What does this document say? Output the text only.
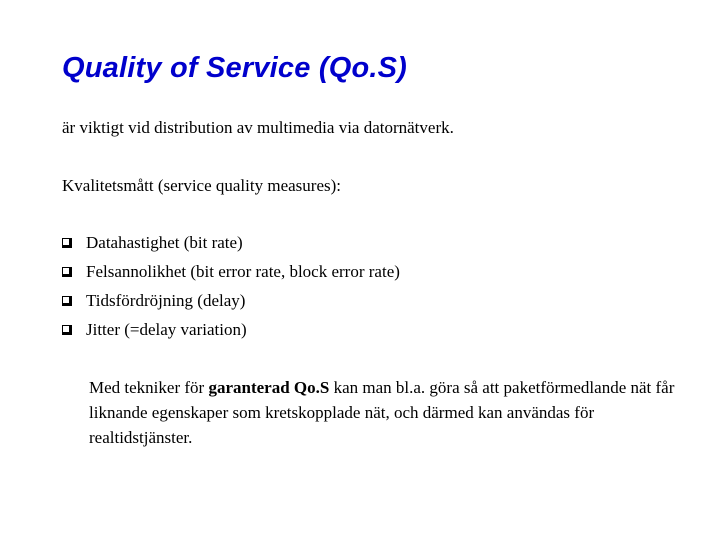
Quality of Service (Qo.S)
är viktigt vid distribution av multimedia via datornätverk.
Kvalitetsmått (service quality measures):
Datahastighet (bit rate)
Felsannolikhet (bit error rate, block error rate)
Tidsfördröjning (delay)
Jitter (=delay variation)
Med tekniker för garanterad Qo.S kan man bl.a. göra så att paketförmedlande nät får liknande egenskaper som kretskopplade nät, och därmed kan användas för realtidstjänster.
